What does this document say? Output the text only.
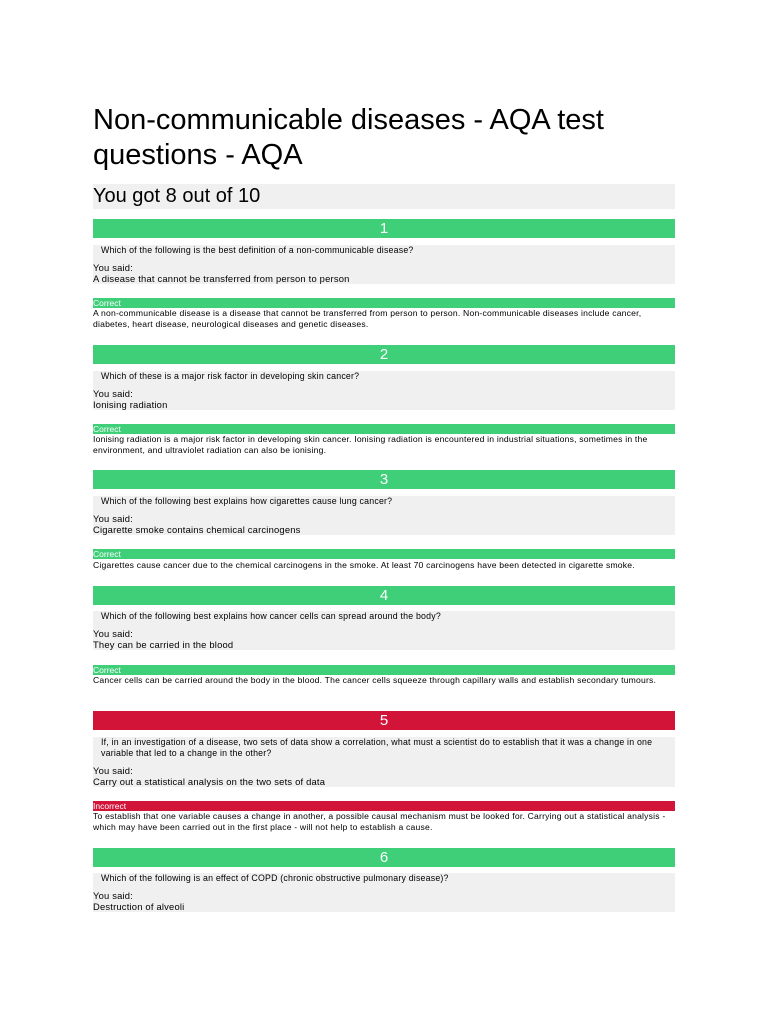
Non-communicable diseases - AQA test questions - AQA
You got 8 out of 10
1
Which of the following is the best definition of a non-communicable disease?
You said:
A disease that cannot be transferred from person to person
Correct
A non-communicable disease is a disease that cannot be transferred from person to person. Non-communicable diseases include cancer, diabetes, heart disease, neurological diseases and genetic diseases.
2
Which of these is a major risk factor in developing skin cancer?
You said:
Ionising radiation
Correct
Ionising radiation is a major risk factor in developing skin cancer. Ionising radiation is encountered in industrial situations, sometimes in the environment, and ultraviolet radiation can also be ionising.
3
Which of the following best explains how cigarettes cause lung cancer?
You said:
Cigarette smoke contains chemical carcinogens
Correct
Cigarettes cause cancer due to the chemical carcinogens in the smoke. At least 70 carcinogens have been detected in cigarette smoke.
4
Which of the following best explains how cancer cells can spread around the body?
You said:
They can be carried in the blood
Correct
Cancer cells can be carried around the body in the blood. The cancer cells squeeze through capillary walls and establish secondary tumours.
5
If, in an investigation of a disease, two sets of data show a correlation, what must a scientist do to establish that it was a change in one variable that led to a change in the other?
You said:
Carry out a statistical analysis on the two sets of data
Incorrect
To establish that one variable causes a change in another, a possible causal mechanism must be looked for. Carrying out a statistical analysis - which may have been carried out in the first place - will not help to establish a cause.
6
Which of the following is an effect of COPD (chronic obstructive pulmonary disease)?
You said:
Destruction of alveoli
